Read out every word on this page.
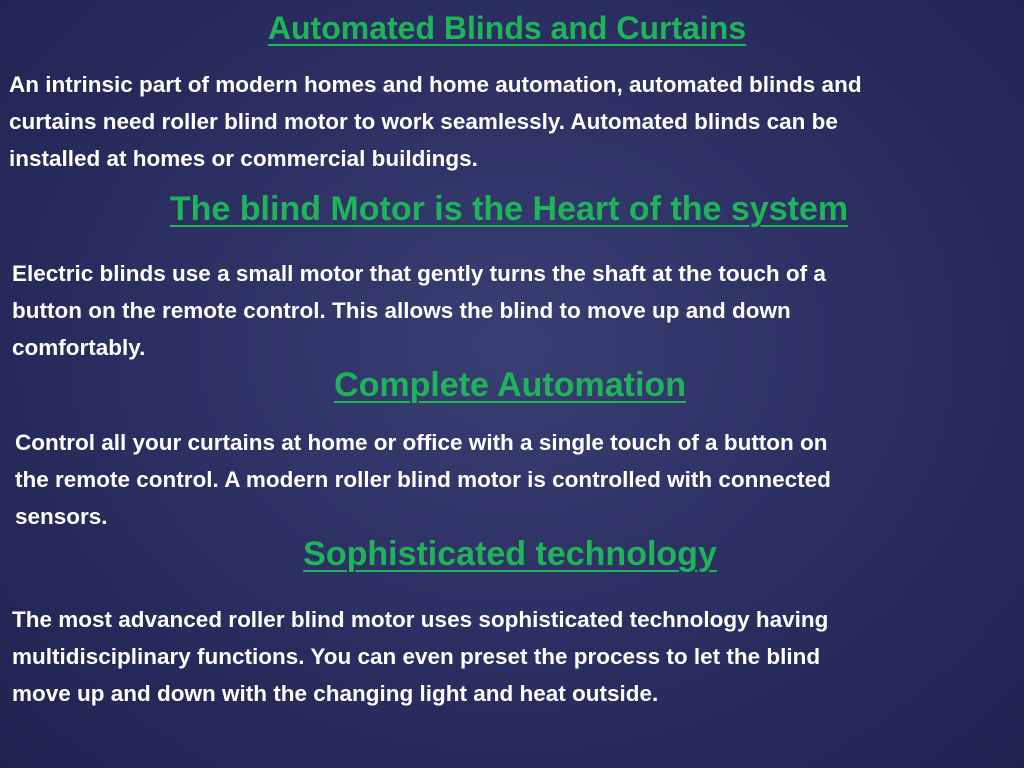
Automated Blinds and Curtains

An intrinsic part of modern homes and home automation, automated blinds and
curtains need roller blind motor to work seamlessly. Automated blinds can be
installed at homes or commercial buildings.

The blind Motor is the Heart of the system

Electric blinds use a small motor that gently turns the shaft at the touch of a
button on the remote control. This allows the blind to move up and down
comfortably.

Complete Automation

Control all your curtains at home or office with a single touch of a button on
the remote control. A modern roller blind motor is controlled with connected
sensors.

Sophisticated technology

The most advanced roller blind motor uses sophisticated technology having
multidisciplinary functions. You can even preset the process to let the blind
move up and down with the changing light and heat outside.
